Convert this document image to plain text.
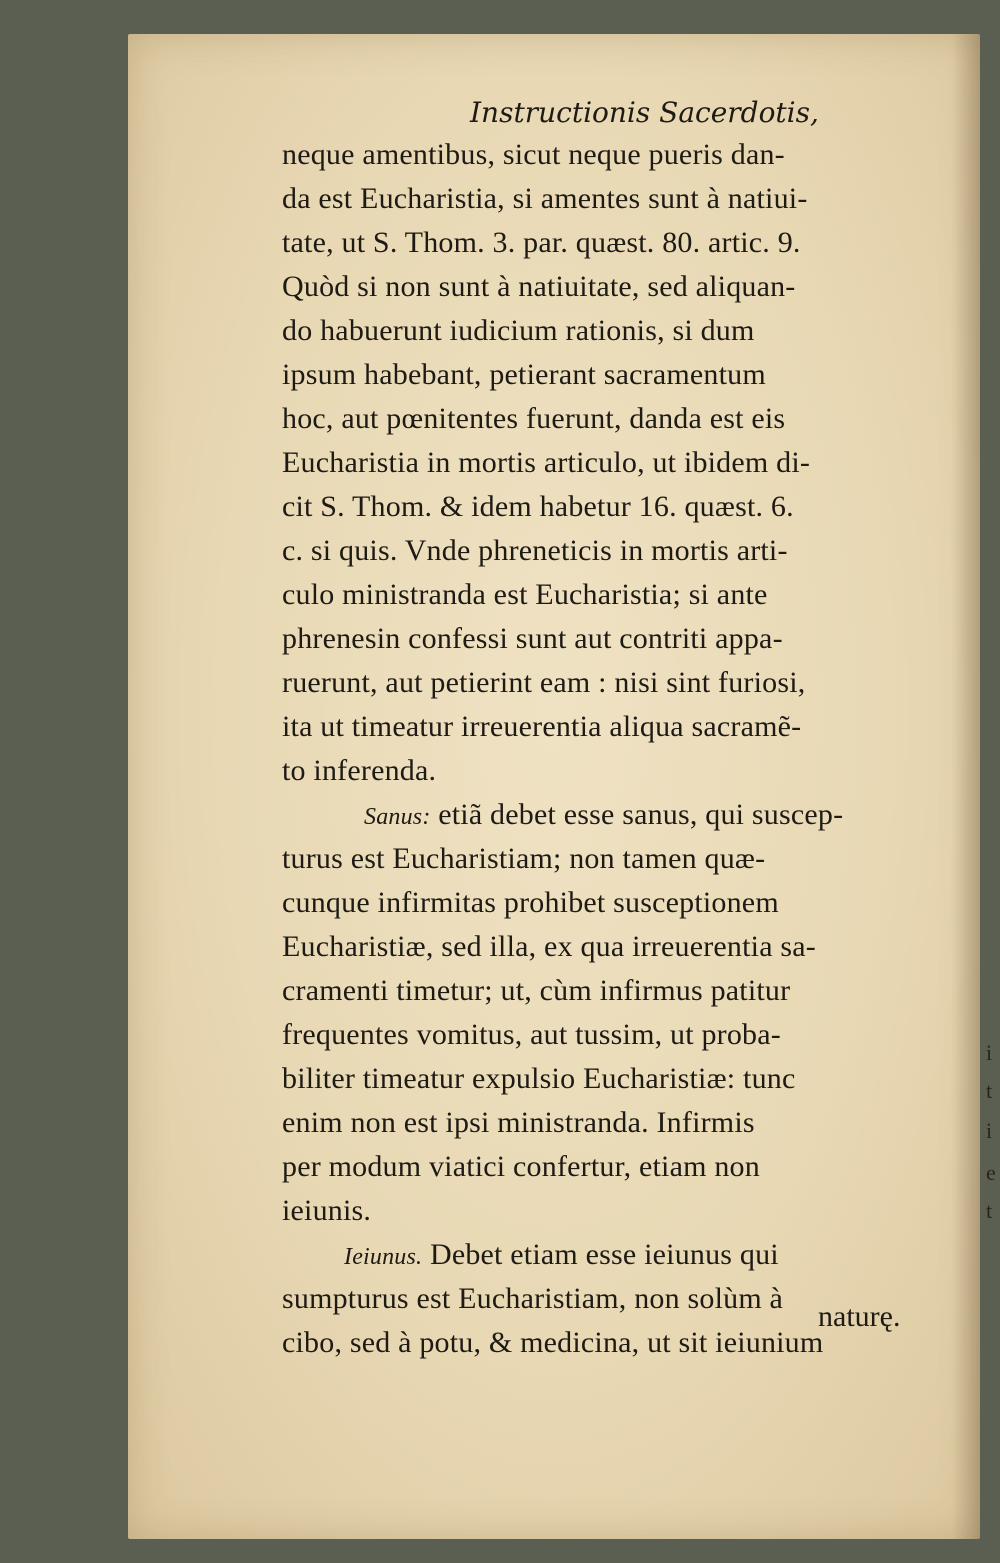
Instructionis Sacerdotis,
neque amentibus, sicut neque pueris dan-
da est Eucharistia, si amentes sunt à natiui-
tate, ut S. Thom. 3. par. quæst. 80. artic. 9.
Quòd si non sunt à natiuitate, sed aliquan-
do habuerunt iudicium rationis, si dum
ipsum habebant, petierant sacramentum
hoc, aut pœnitentes fuerunt, danda est eis
Eucharistia in mortis articulo, ut ibidem di-
cit S. Thom. & idem habetur 16. quæst. 6.
c. si quis. Vnde phreneticis in mortis arti-
culo ministranda est Eucharistia; si ante
phrenesin confessi sunt aut contriti appa-
ruerunt, aut petierint eam : nisi sint furiosi,
ita ut timeatur irreuerentia aliqua sacramẽ-
to inferenda.
Sanus: etiã debet esse sanus, qui suscep-
turus est Eucharistiam; non tamen quæ-
cunque infirmitas prohibet susceptionem
Eucharistiæ, sed illa, ex qua irreuerentia sa-
cramenti timetur; ut, cùm infirmus patitur
frequentes vomitus, aut tussim, ut proba-
biliter timeatur expulsio Eucharistiæ: tunc
enim non est ipsi ministranda. Infirmis
per modum viatici confertur, etiam non
ieiunis.
Ieiunus. Debet etiam esse ieiunus qui
sumpturus est Eucharistiam, non solùm à
cibo, sed à potu, & medicina, ut sit ieiunium
naturę.
i
t
i
e
t
